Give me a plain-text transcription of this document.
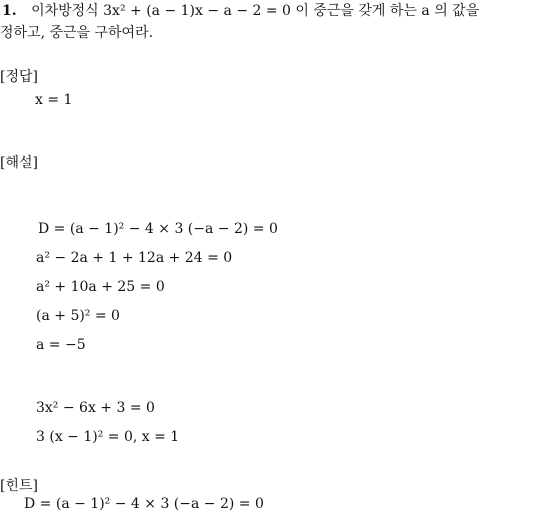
1. 이차방정식 3x² + (a − 1)x − a − 2 = 0 이 중근을 갖게 하는 a 의 값을
정하고, 중근을 구하여라.
[정답]
x = 1
[해설]
D = (a − 1)² − 4 × 3 (−a − 2) = 0
a² − 2a + 1 + 12a + 24 = 0
a² + 10a + 25 = 0
(a + 5)² = 0
a = −5
3x² − 6x + 3 = 0
3 (x − 1)² = 0, x = 1
[힌트]
D = (a − 1)² − 4 × 3 (−a − 2) = 0
